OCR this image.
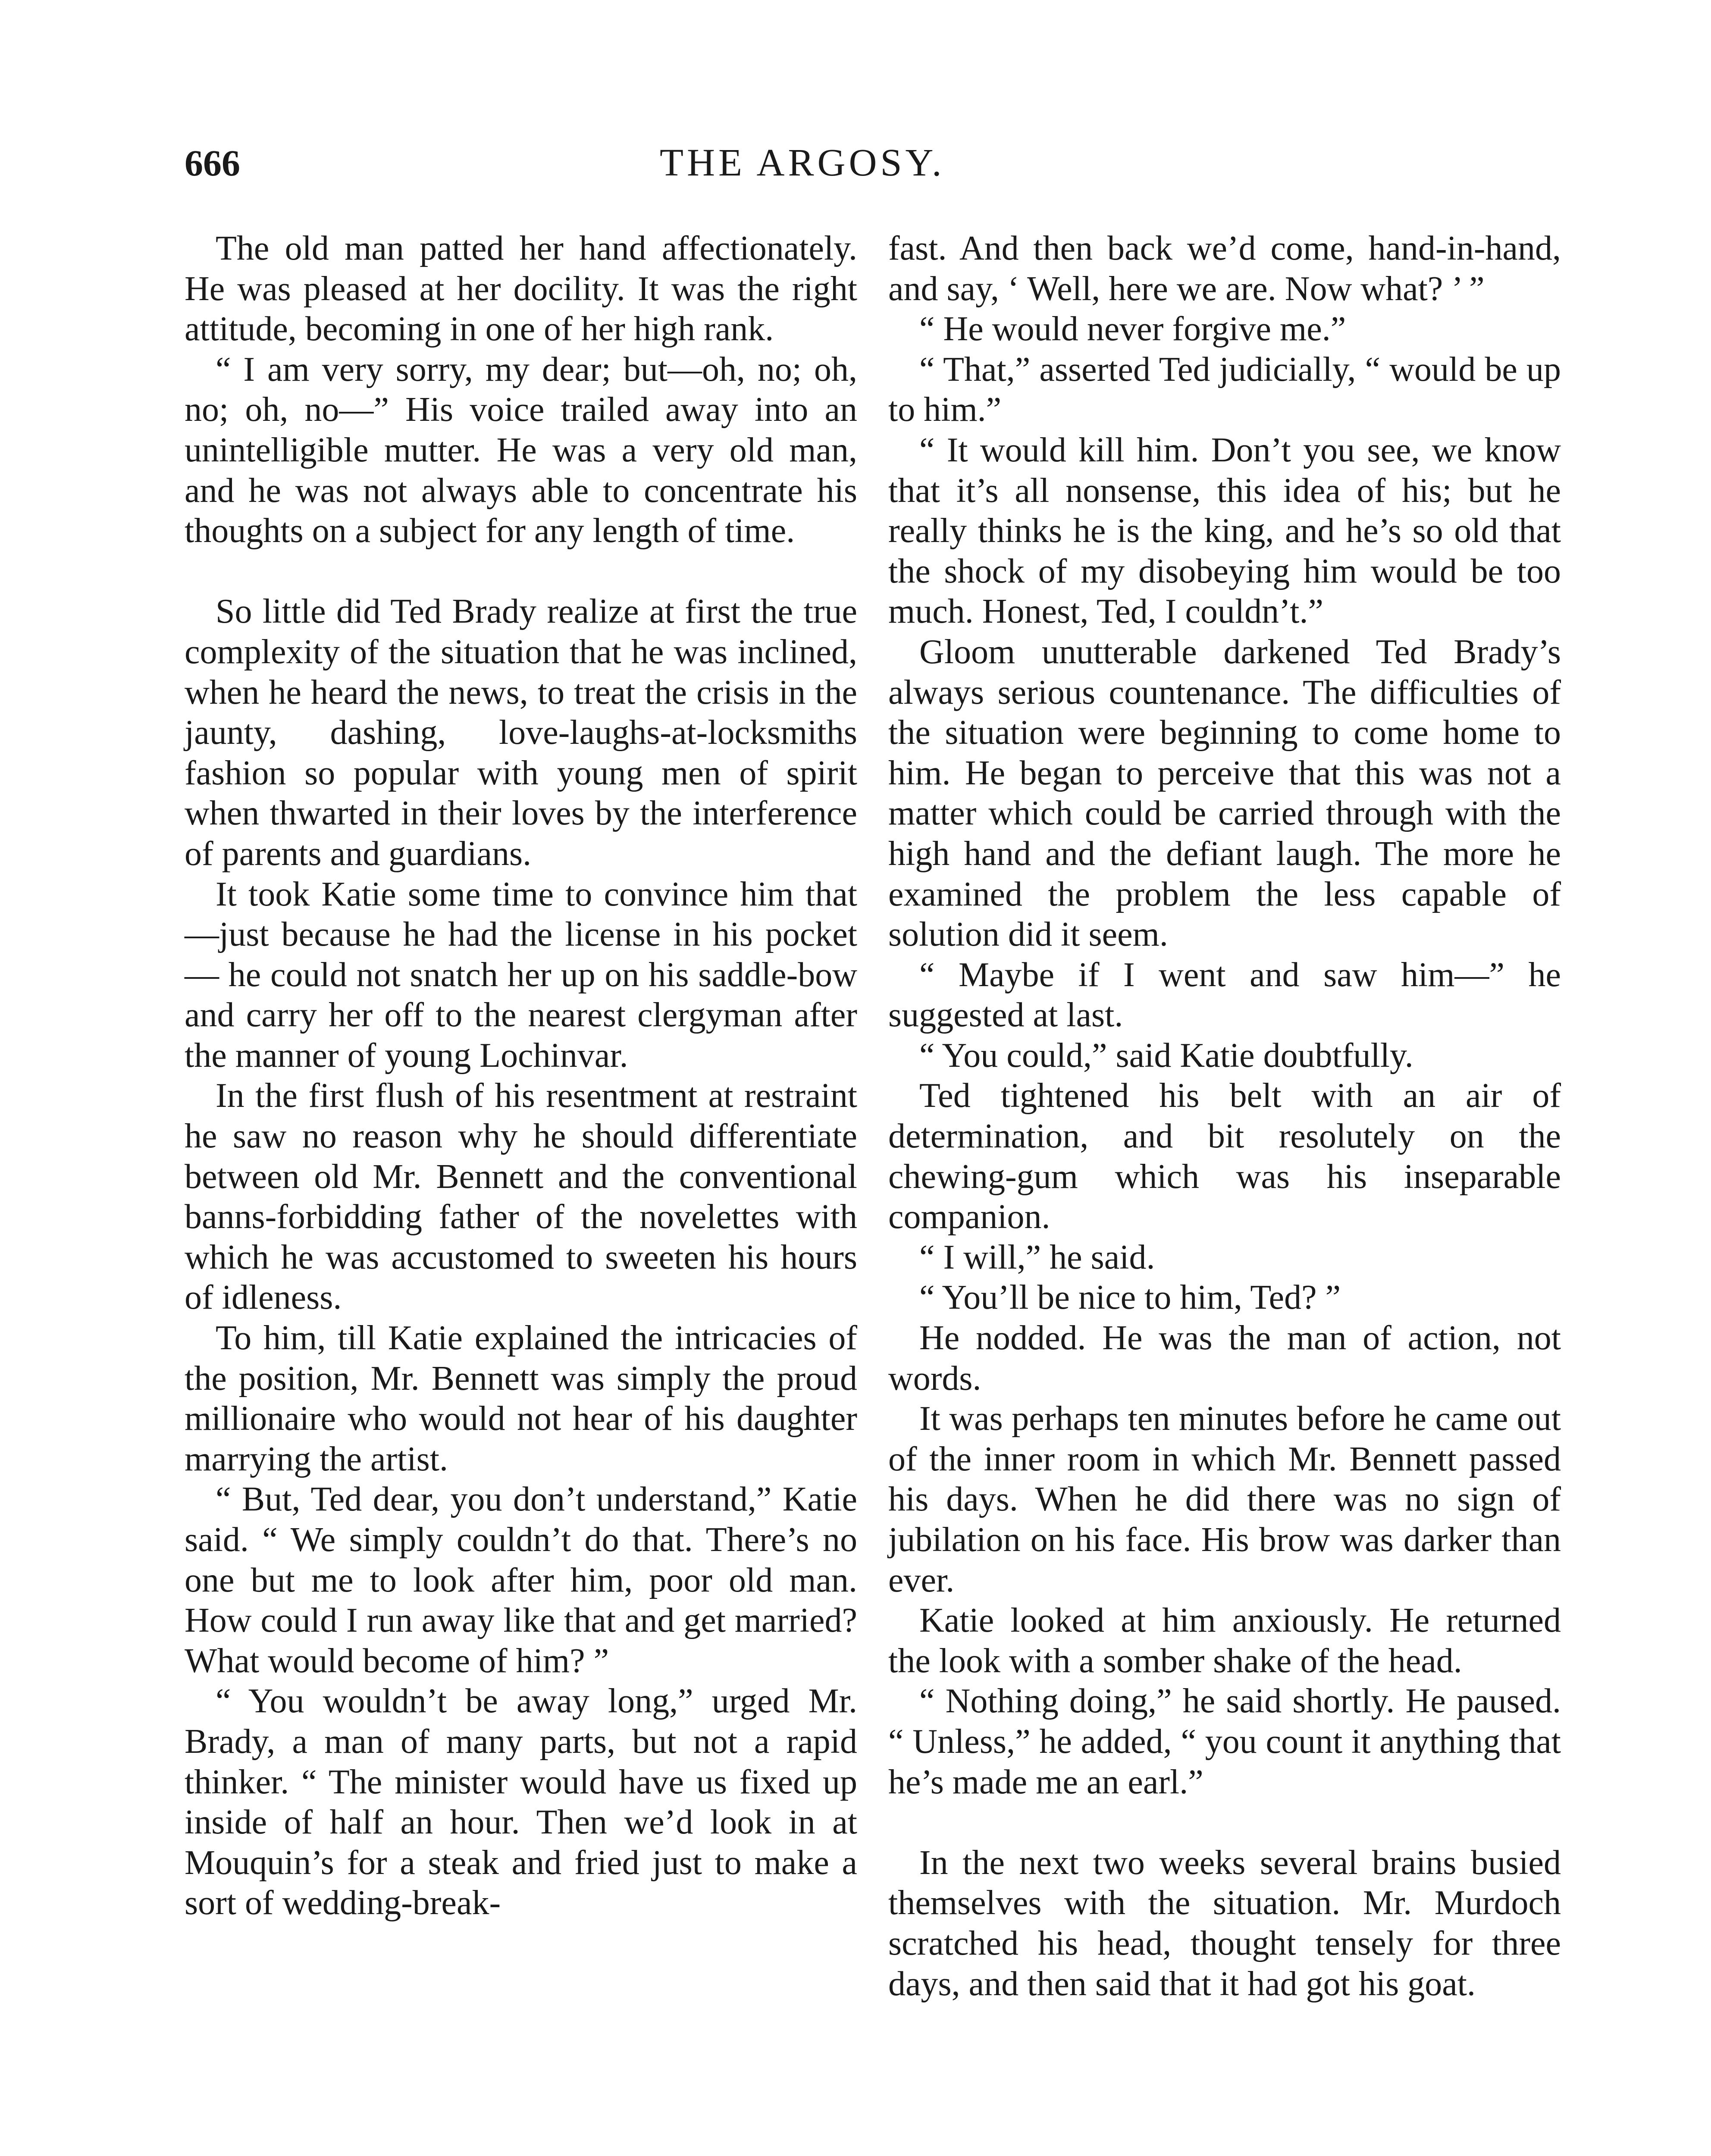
666	THE ARGOSY.

The old man patted her hand affectionately. He was pleased at her docility. It was the right attitude, becoming in one of her high rank.

“ I am very sorry, my dear; but—oh, no; oh, no; oh, no—” His voice trailed away into an unintelligible mutter. He was a very old man, and he was not always able to concentrate his thoughts on a subject for any length of time.

So little did Ted Brady realize at first the true complexity of the situation that he was inclined, when he heard the news, to treat the crisis in the jaunty, dashing, love-laughs-at-locksmiths fashion so popular with young men of spirit when thwarted in their loves by the interference of parents and guardians.

It took Katie some time to convince him that—just because he had the license in his pocket — he could not snatch her up on his saddle-bow and carry her off to the nearest clergyman after the manner of young Lochinvar.

In the first flush of his resentment at restraint he saw no reason why he should differentiate between old Mr. Bennett and the conventional banns-forbidding father of the novelettes with which he was accustomed to sweeten his hours of idleness.

To him, till Katie explained the intricacies of the position, Mr. Bennett was simply the proud millionaire who would not hear of his daughter marrying the artist.

“ But, Ted dear, you don’t understand,” Katie said. “ We simply couldn’t do that. There’s no one but me to look after him, poor old man. How could I run away like that and get married? What would become of him? ”

“ You wouldn’t be away long,” urged Mr. Brady, a man of many parts, but not a rapid thinker. “ The minister would have us fixed up inside of half an hour. Then we’d look in at Mouquin’s for a steak and fried just to make a sort of wedding-break-

fast. And then back we’d come, hand-in-hand, and say, ‘ Well, here we are. Now what? ’ ”

“ He would never forgive me.”

“ That,” asserted Ted judicially, “ would be up to him.”

“ It would kill him. Don’t you see, we know that it’s all nonsense, this idea of his; but he really thinks he is the king, and he’s so old that the shock of my disobeying him would be too much. Honest, Ted, I couldn’t.”

Gloom unutterable darkened Ted Brady’s always serious countenance. The difficulties of the situation were beginning to come home to him. He began to perceive that this was not a matter which could be carried through with the high hand and the defiant laugh. The more he examined the problem the less capable of solution did it seem.

“ Maybe if I went and saw him—” he suggested at last.

“ You could,” said Katie doubtfully.

Ted tightened his belt with an air of determination, and bit resolutely on the chewing-gum which was his inseparable companion.

“ I will,” he said.

“ You’ll be nice to him, Ted? ”

He nodded. He was the man of action, not words.

It was perhaps ten minutes before he came out of the inner room in which Mr. Bennett passed his days. When he did there was no sign of jubilation on his face. His brow was darker than ever.

Katie looked at him anxiously. He returned the look with a somber shake of the head.

“ Nothing doing,” he said shortly. He paused. “ Unless,” he added, “ you count it anything that he’s made me an earl.”

In the next two weeks several brains busied themselves with the situation. Mr. Murdoch scratched his head, thought tensely for three days, and then said that it had got his goat.
